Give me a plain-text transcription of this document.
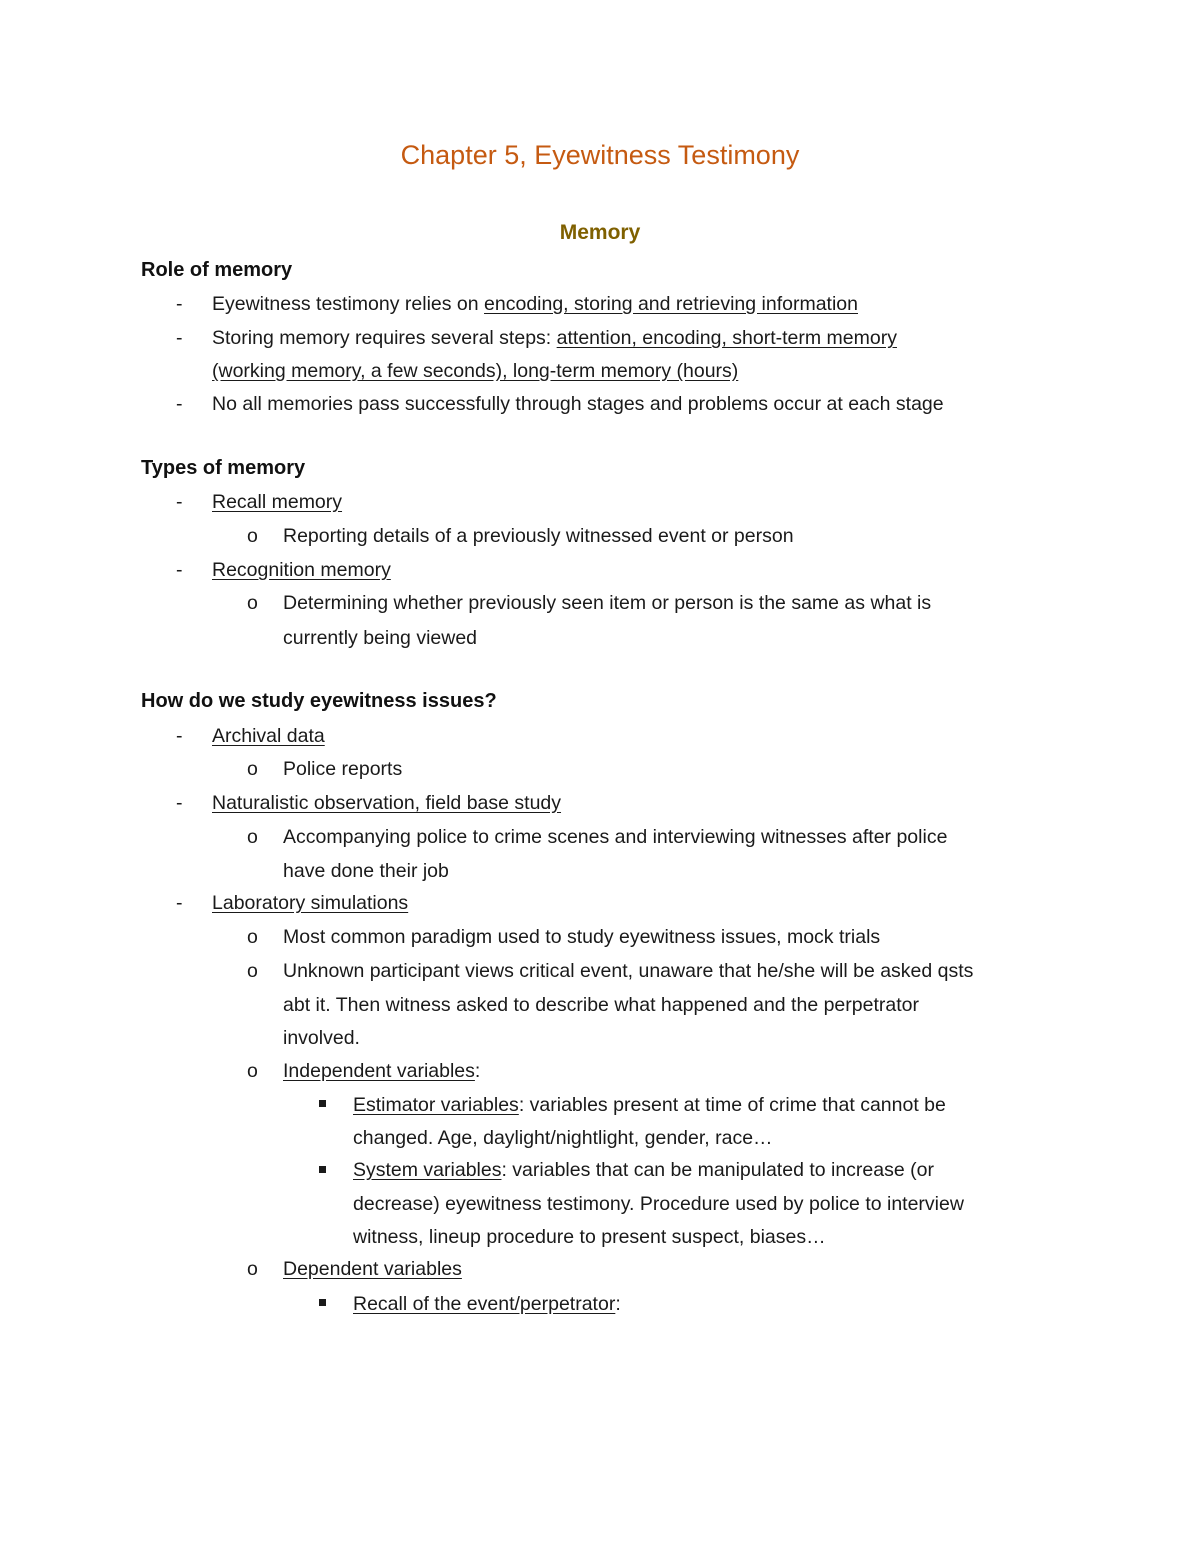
Chapter 5, Eyewitness Testimony
Memory
Role of memory
- Eyewitness testimony relies on encoding, storing and retrieving information
- Storing memory requires several steps: attention, encoding, short-term memory
(working memory, a few seconds), long-term memory (hours)
- No all memories pass successfully through stages and problems occur at each stage
Types of memory
- Recall memory
o Reporting details of a previously witnessed event or person
- Recognition memory
o Determining whether previously seen item or person is the same as what is
currently being viewed
How do we study eyewitness issues?
- Archival data
o Police reports
- Naturalistic observation, field base study
o Accompanying police to crime scenes and interviewing witnesses after police
have done their job
- Laboratory simulations
o Most common paradigm used to study eyewitness issues, mock trials
o Unknown participant views critical event, unaware that he/she will be asked qsts
abt it. Then witness asked to describe what happened and the perpetrator
involved.
o Independent variables:
Estimator variables: variables present at time of crime that cannot be
changed. Age, daylight/nightlight, gender, race…
System variables: variables that can be manipulated to increase (or
decrease) eyewitness testimony. Procedure used by police to interview
witness, lineup procedure to present suspect, biases…
o Dependent variables
Recall of the event/perpetrator:
